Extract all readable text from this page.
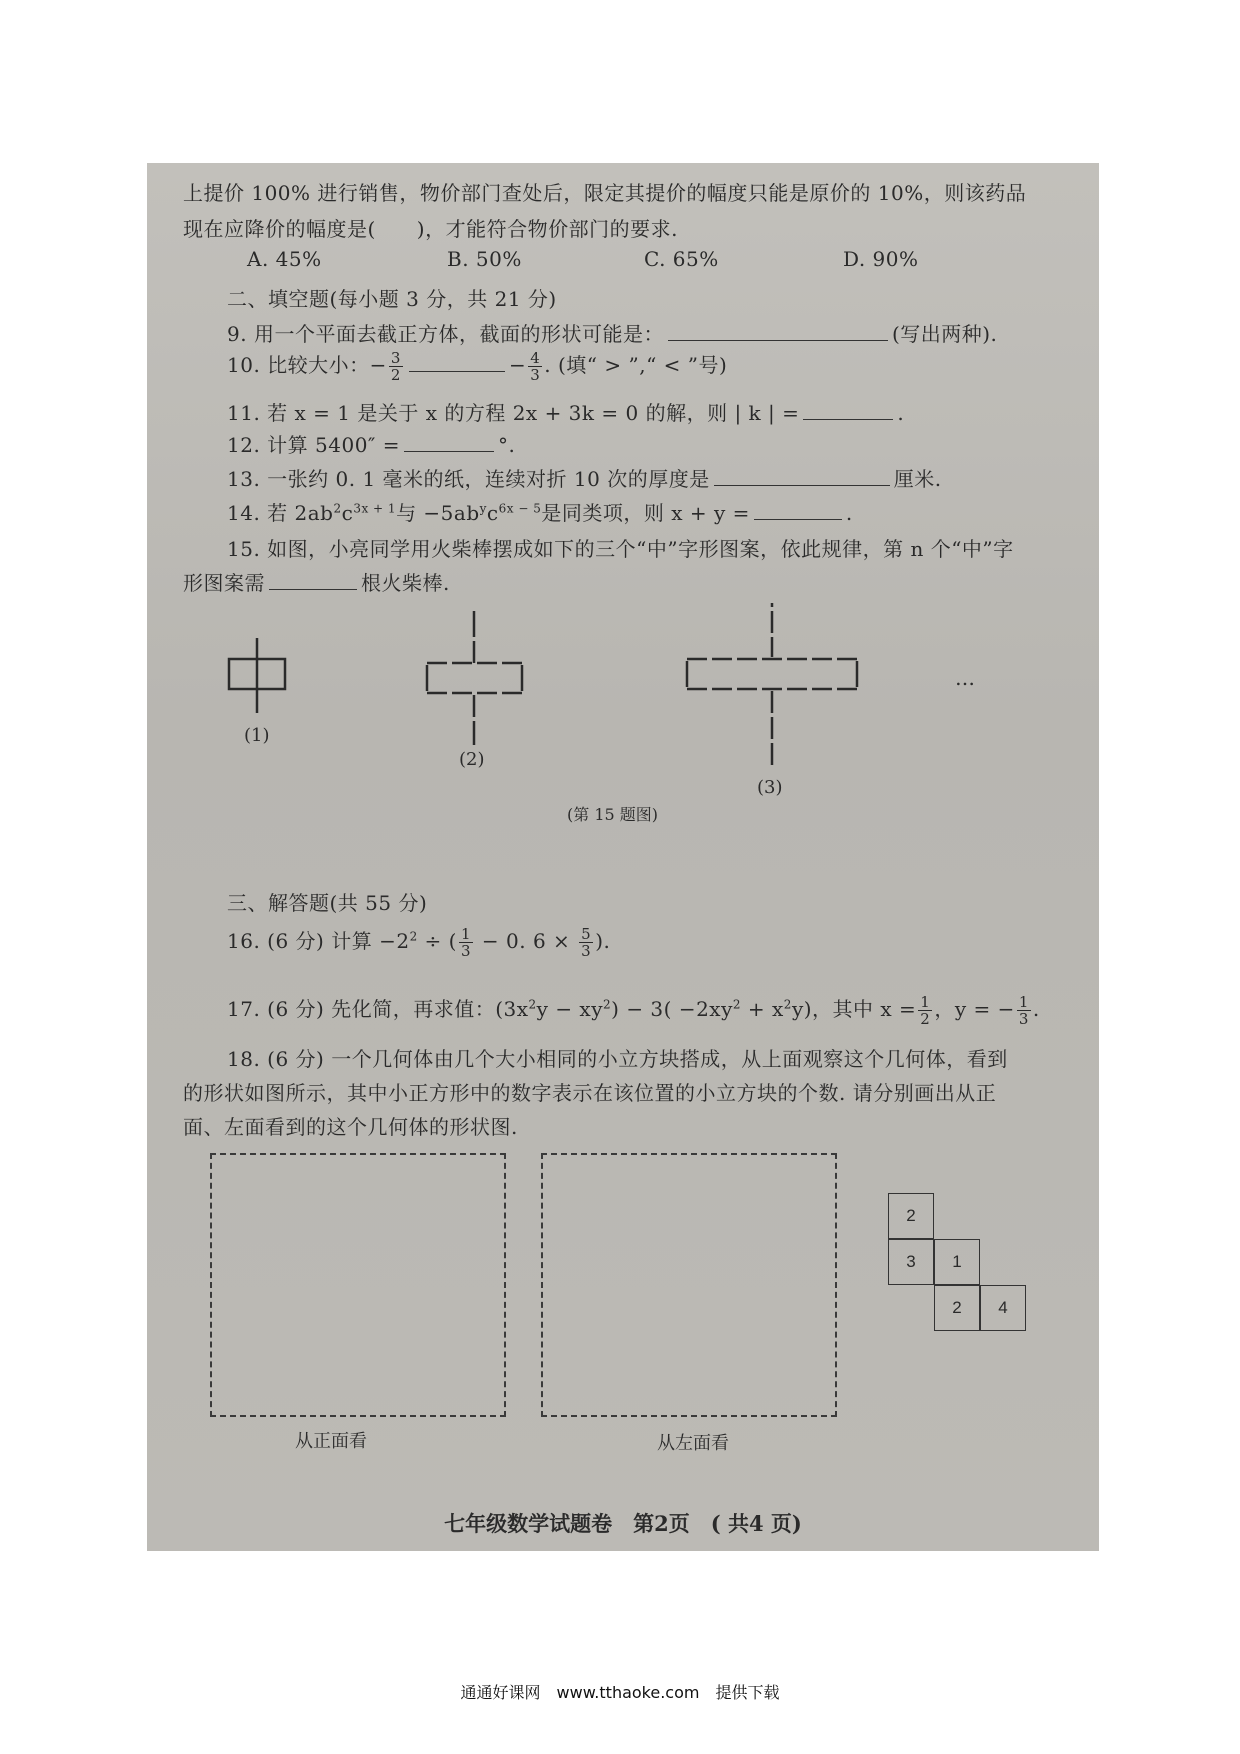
上提价 100% 进行销售，物价部门查处后，限定其提价的幅度只能是原价的 10%，则该药品
现在应降价的幅度是(　　)，才能符合物价部门的要求.
A. 45%	B. 50%	C. 65%	D. 90%
二、填空题(每小题 3 分，共 21 分)
9. 用一个平面去截正方体，截面的形状可能是：	(写出两种).
10. 比较大小：− $\frac{3}{2}$	− $\frac{4}{3}$ . (填“ > ”,“ < ”号)
11. 若 x = 1 是关于 x 的方程 2x + 3k = 0 的解，则 | k | =	.
12. 计算 5400″ =	°.
13. 一张约 0. 1 毫米的纸，连续对折 10 次的厚度是	厘米.
14. 若 $2ab^2c^{3x + 1}$与 $-5ab^yc^{6x - 5}$是同类项，则 x + y =	.
15. 如图，小亮同学用火柴棒摆成如下的三个“中”字形图案，依此规律，第 n 个“中”字
形图案需	根火柴棒.
(1)
(2)
(3)
…
(第 15 题图)
三、解答题(共 55 分)
16. (6 分) 计算 $-2^2$ ÷ ( $\frac{1}{3} - 0$. $6 \times \frac{5}{3}$ ).
17. (6 分) 先化简，再求值：$(3x^2y - xy^2) - 3( -2xy^2 + x^2y)$，其中 $x = \frac{1}{2}$ ，y = − $\frac{1}{3}$ .
18. (6 分) 一个几何体由几个大小相同的小立方块搭成，从上面观察这个几何体，看到
的形状如图所示，其中小正方形中的数字表示在该位置的小立方块的个数. 请分别画出从正
面、左面看到的这个几何体的形状图.
从正面看	从左面看
2
3	1
2	4
七年级数学试题卷　第2页　( 共4 页)
通通好课网　www.tthaoke.com　提供下载
